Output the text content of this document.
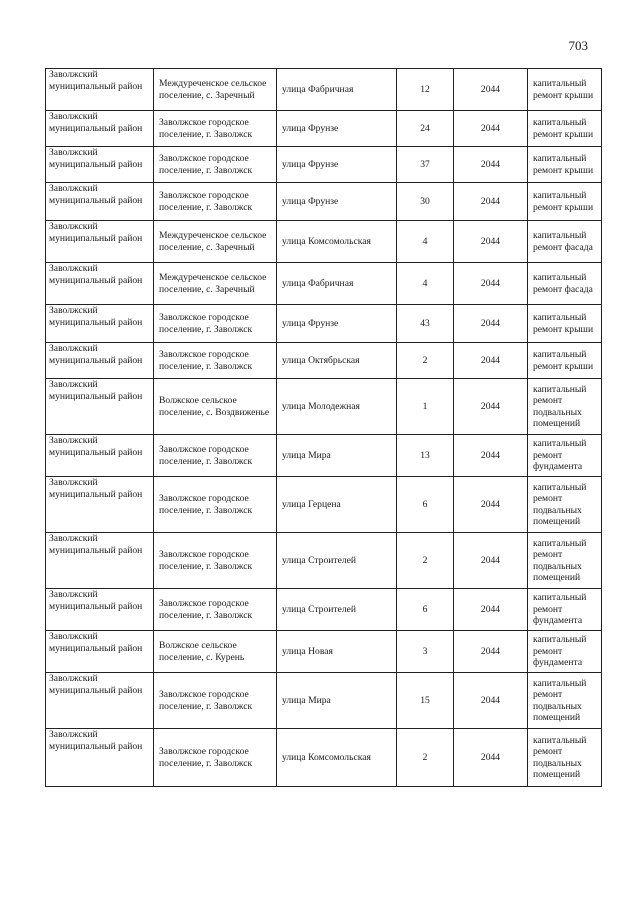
703
Заволжский муниципальный район	Междуреченское сельское поселение, с. Заречный	улица Фабричная	12	2044	капитальный ремонт крыши
Заволжский муниципальный район	Заволжское городское поселение, г. Заволжск	улица Фрунзе	24	2044	капитальный ремонт крыши
Заволжский муниципальный район	Заволжское городское поселение, г. Заволжск	улица Фрунзе	37	2044	капитальный ремонт крыши
Заволжский муниципальный район	Заволжское городское поселение, г. Заволжск	улица Фрунзе	30	2044	капитальный ремонт крыши
Заволжский муниципальный район	Междуреченское сельское поселение, с. Заречный	улица Комсомольская	4	2044	капитальный ремонт фасада
Заволжский муниципальный район	Междуреченское сельское поселение, с. Заречный	улица Фабричная	4	2044	капитальный ремонт фасада
Заволжский муниципальный район	Заволжское городское поселение, г. Заволжск	улица Фрунзе	43	2044	капитальный ремонт крыши
Заволжский муниципальный район	Заволжское городское поселение, г. Заволжск	улица Октябрьская	2	2044	капитальный ремонт крыши
Заволжский муниципальный район	Волжское сельское поселение, с. Воздвиженье	улица Молодежная	1	2044	капитальный ремонт подвальных помещений
Заволжский муниципальный район	Заволжское городское поселение, г. Заволжск	улица Мира	13	2044	капитальный ремонт фундамента
Заволжский муниципальный район	Заволжское городское поселение, г. Заволжск	улица Герцена	6	2044	капитальный ремонт подвальных помещений
Заволжский муниципальный район	Заволжское городское поселение, г. Заволжск	улица Строителей	2	2044	капитальный ремонт подвальных помещений
Заволжский муниципальный район	Заволжское городское поселение, г. Заволжск	улица Строителей	6	2044	капитальный ремонт фундамента
Заволжский муниципальный район	Волжское сельское поселение, с. Курень	улица Новая	3	2044	капитальный ремонт фундамента
Заволжский муниципальный район	Заволжское городское поселение, г. Заволжск	улица Мира	15	2044	капитальный ремонт подвальных помещений
Заволжский муниципальный район	Заволжское городское поселение, г. Заволжск	улица Комсомольская	2	2044	капитальный ремонт подвальных помещений
